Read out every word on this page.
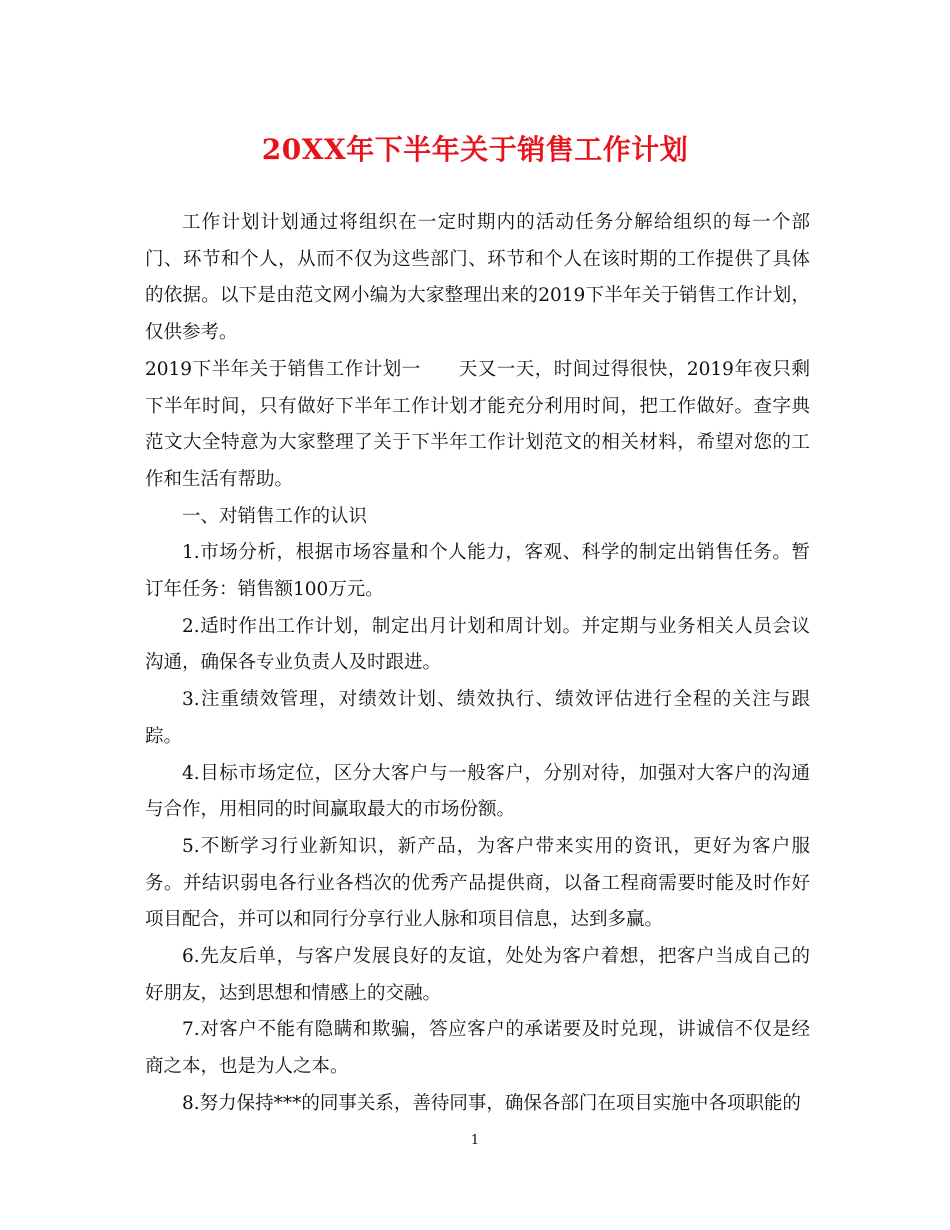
20XX年下半年关于销售工作计划

工作计划计划通过将组织在一定时期内的活动任务分解给组织的每一个部门、环节和个人，从而不仅为这些部门、环节和个人在该时期的工作提供了具体的依据。以下是由范文网小编为大家整理出来的2019下半年关于销售工作计划，仅供参考。

2019下半年关于销售工作计划一　　天又一天，时间过得很快，2019年夜只剩下半年时间，只有做好下半年工作计划才能充分利用时间，把工作做好。查字典范文大全特意为大家整理了关于下半年工作计划范文的相关材料，希望对您的工作和生活有帮助。

一、对销售工作的认识

1.市场分析，根据市场容量和个人能力，客观、科学的制定出销售任务。暂订年任务：销售额100万元。

2.适时作出工作计划，制定出月计划和周计划。并定期与业务相关人员会议沟通，确保各专业负责人及时跟进。

3.注重绩效管理，对绩效计划、绩效执行、绩效评估进行全程的关注与跟踪。

4.目标市场定位，区分大客户与一般客户，分别对待，加强对大客户的沟通与合作，用相同的时间赢取最大的市场份额。

5.不断学习行业新知识，新产品，为客户带来实用的资讯，更好为客户服务。并结识弱电各行业各档次的优秀产品提供商，以备工程商需要时能及时作好项目配合，并可以和同行分享行业人脉和项目信息，达到多赢。

6.先友后单，与客户发展良好的友谊，处处为客户着想，把客户当成自己的好朋友，达到思想和情感上的交融。

7.对客户不能有隐瞒和欺骗，答应客户的承诺要及时兑现，讲诚信不仅是经商之本，也是为人之本。

8.努力保持***的同事关系，善待同事，确保各部门在项目实施中各项职能的

1
